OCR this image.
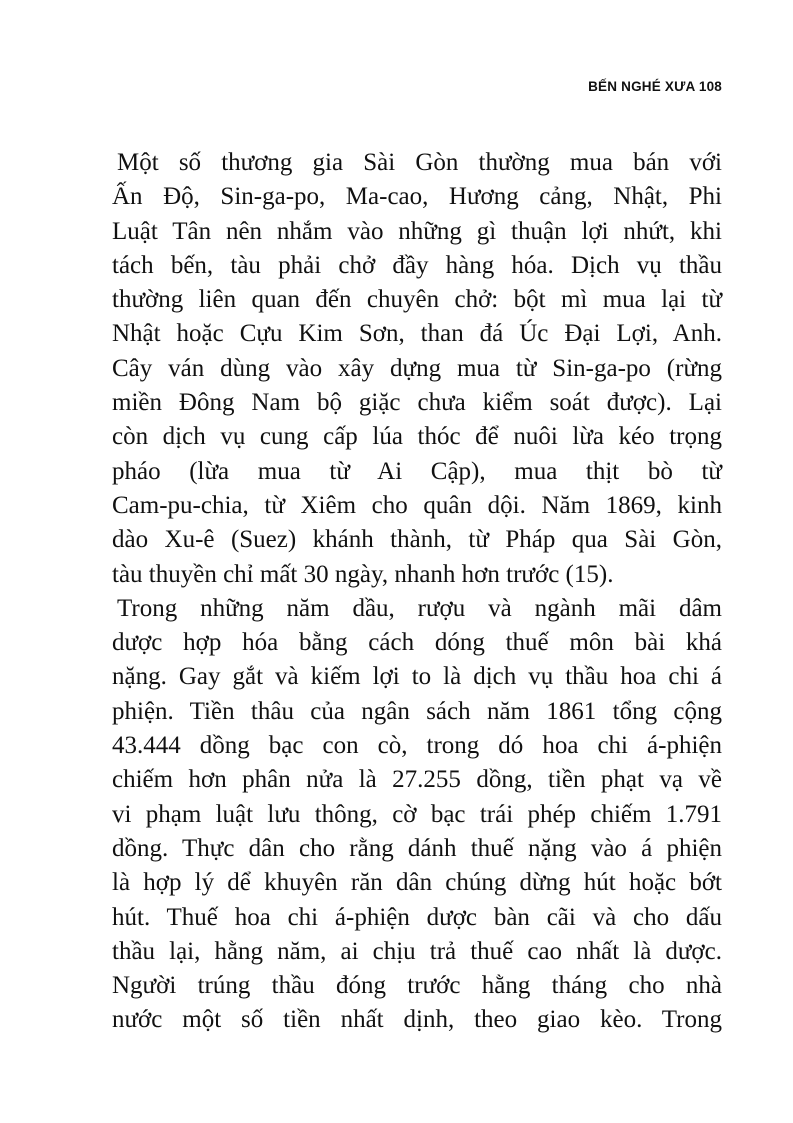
BẾN NGHÉ XƯA 108
Một số thương gia Sài Gòn thường mua bán với
Ấn Độ, Sin-ga-po, Ma-cao, Hương cảng, Nhật, Phi
Luật Tân nên nhắm vào những gì thuận lợi nhứt, khi
tách bến, tàu phải chở đầy hàng hóa. Dịch vụ thầu
thường liên quan đến chuyên chở: bột mì mua lại từ
Nhật hoặc Cựu Kim Sơn, than đá Úc Đại Lợi, Anh.
Cây ván dùng vào xây dựng mua từ Sin-ga-po (rừng
miền Đông Nam bộ giặc chưa kiểm soát được). Lại
còn dịch vụ cung cấp lúa thóc để nuôi lừa kéo trọng
pháo (lừa mua từ Ai Cập), mua thịt bò từ
Cam-pu-chia, từ Xiêm cho quân dội. Năm 1869, kinh
dào Xu-ê (Suez) khánh thành, từ Pháp qua Sài Gòn,
tàu thuyền chỉ mất 30 ngày, nhanh hơn trước (15).
Trong những năm dầu, rượu và ngành mãi dâm
dược hợp hóa bằng cách dóng thuế môn bài khá
nặng. Gay gắt và kiếm lợi to là dịch vụ thầu hoa chi á
phiện. Tiền thâu của ngân sách năm 1861 tổng cộng
43.444 dồng bạc con cò, trong dó hoa chi á-phiện
chiếm hơn phân nửa là 27.255 dồng, tiền phạt vạ về
vi phạm luật lưu thông, cờ bạc trái phép chiếm 1.791
dồng. Thực dân cho rằng dánh thuế nặng vào á phiện
là hợp lý dể khuyên răn dân chúng dừng hút hoặc bớt
hút. Thuế hoa chi á-phiện dược bàn cãi và cho dấu
thầu lại, hằng năm, ai chịu trả thuế cao nhất là dược.
Người trúng thầu đóng trước hằng tháng cho nhà
nước một số tiền nhất dịnh, theo giao kèo. Trong
